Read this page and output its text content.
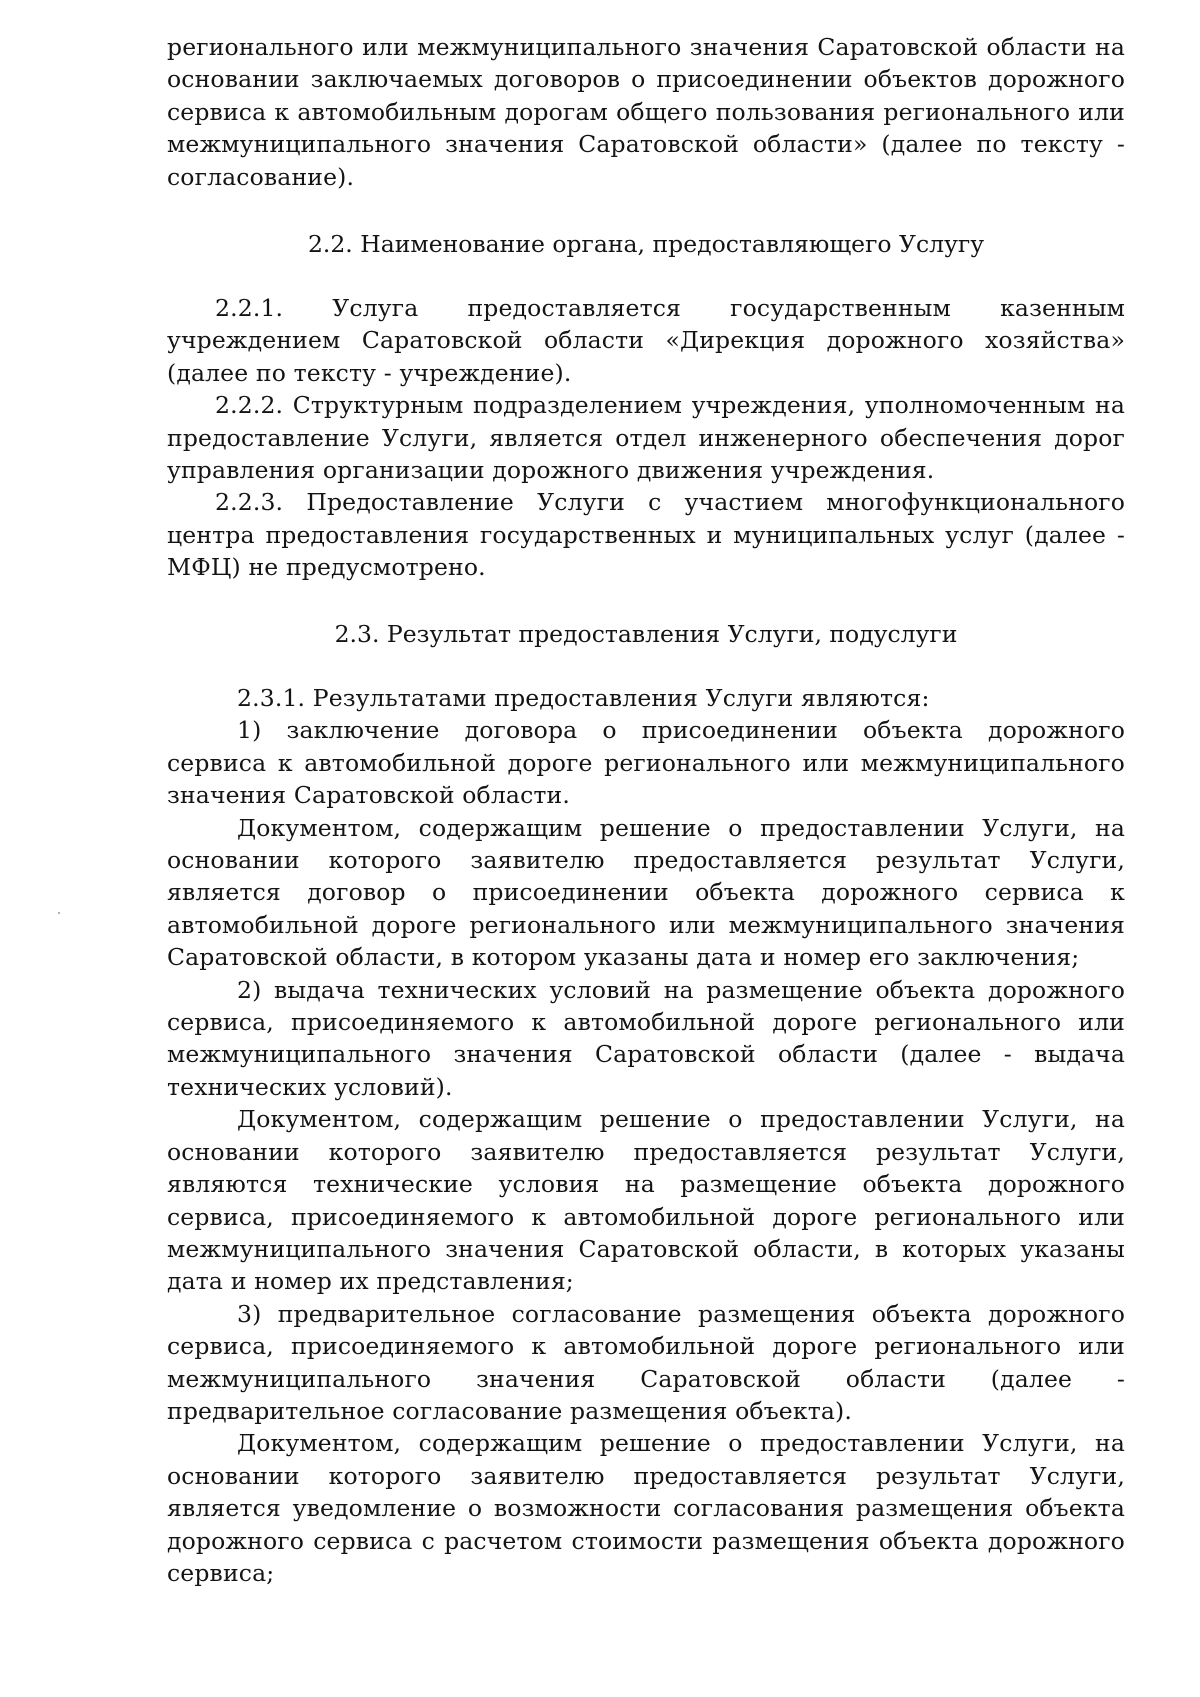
регионального или межмуниципального значения Саратовской области на основании заключаемых договоров о присоединении объектов дорожного сервиса к автомобильным дорогам общего пользования регионального или межмуниципального значения Саратовской области» (далее по тексту - согласование).

2.2. Наименование органа, предоставляющего Услугу

2.2.1. Услуга предоставляется государственным казенным учреждением Саратовской области «Дирекция дорожного хозяйства» (далее по тексту - учреждение).

2.2.2. Структурным подразделением учреждения, уполномоченным на предоставление Услуги, является отдел инженерного обеспечения дорог управления организации дорожного движения учреждения.

2.2.3. Предоставление Услуги с участием многофункционального центра предоставления государственных и муниципальных услуг (далее - МФЦ) не предусмотрено.

2.3. Результат предоставления Услуги, подуслуги

2.3.1. Результатами предоставления Услуги являются:

1) заключение договора о присоединении объекта дорожного сервиса к автомобильной дороге регионального или межмуниципального значения Саратовской области.

Документом, содержащим решение о предоставлении Услуги, на основании которого заявителю предоставляется результат Услуги, является договор о присоединении объекта дорожного сервиса к автомобильной дороге регионального или межмуниципального значения Саратовской области, в котором указаны дата и номер его заключения;

2) выдача технических условий на размещение объекта дорожного сервиса, присоединяемого к автомобильной дороге регионального или межмуниципального значения Саратовской области (далее - выдача технических условий).

Документом, содержащим решение о предоставлении Услуги, на основании которого заявителю предоставляется результат Услуги, являются технические условия на размещение объекта дорожного сервиса, присоединяемого к автомобильной дороге регионального или межмуниципального значения Саратовской области, в которых указаны дата и номер их представления;

3) предварительное согласование размещения объекта дорожного сервиса, присоединяемого к автомобильной дороге регионального или межмуниципального значения Саратовской области (далее - предварительное согласование размещения объекта).

Документом, содержащим решение о предоставлении Услуги, на основании которого заявителю предоставляется результат Услуги, является уведомление о возможности согласования размещения объекта дорожного сервиса с расчетом стоимости размещения объекта дорожного сервиса;
